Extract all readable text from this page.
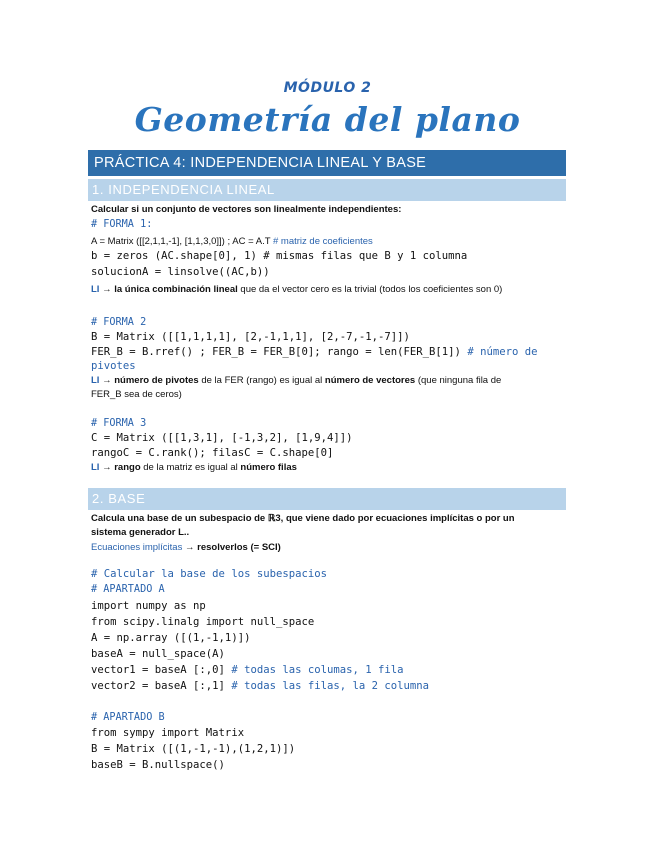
MÓDULO 2
Geometría del plano
PRÁCTICA 4: INDEPENDENCIA LINEAL Y BASE
1. INDEPENDENCIA LINEAL
Calcular si un conjunto de vectores son linealmente independientes:
# FORMA 1:
A = Matrix ([[2,1,1,-1], [1,1,3,0]]) ; AC = A.T # matriz de coeficientes
b = zeros (AC.shape[0], 1) # mismas filas que B y 1 columna
solucionA = linsolve((AC,b))
LI → la única combinación lineal que da el vector cero es la trivial (todos los coeficientes son 0)
# FORMA 2
B = Matrix ([[1,1,1,1], [2,-1,1,1], [2,-7,-1,-7]])
FER_B = B.rref() ; FER_B = FER_B[0]; rango = len(FER_B[1]) # número de
pivotes
LI → número de pivotes de la FER (rango) es igual al número de vectores (que ninguna fila de
FER_B sea de ceros)
# FORMA 3
C = Matrix ([[1,3,1], [-1,3,2], [1,9,4]])
rangoC = C.rank(); filasC = C.shape[0]
LI → rango de la matriz es igual al número filas
2. BASE
Calcula una base de un subespacio de ℝ3, que viene dado por ecuaciones implícitas o por un
sistema generador L..
Ecuaciones implícitas → resolverlos (= SCI)
# Calcular la base de los subespacios
# APARTADO A
import numpy as np
from scipy.linalg import null_space
A = np.array ([(1,-1,1)])
baseA = null_space(A)
vector1 = baseA [:,0] # todas las columas, 1 fila
vector2 = baseA [:,1] # todas las filas, la 2 columna
# APARTADO B
from sympy import Matrix
B = Matrix ([(1,-1,-1),(1,2,1)])
baseB = B.nullspace()
